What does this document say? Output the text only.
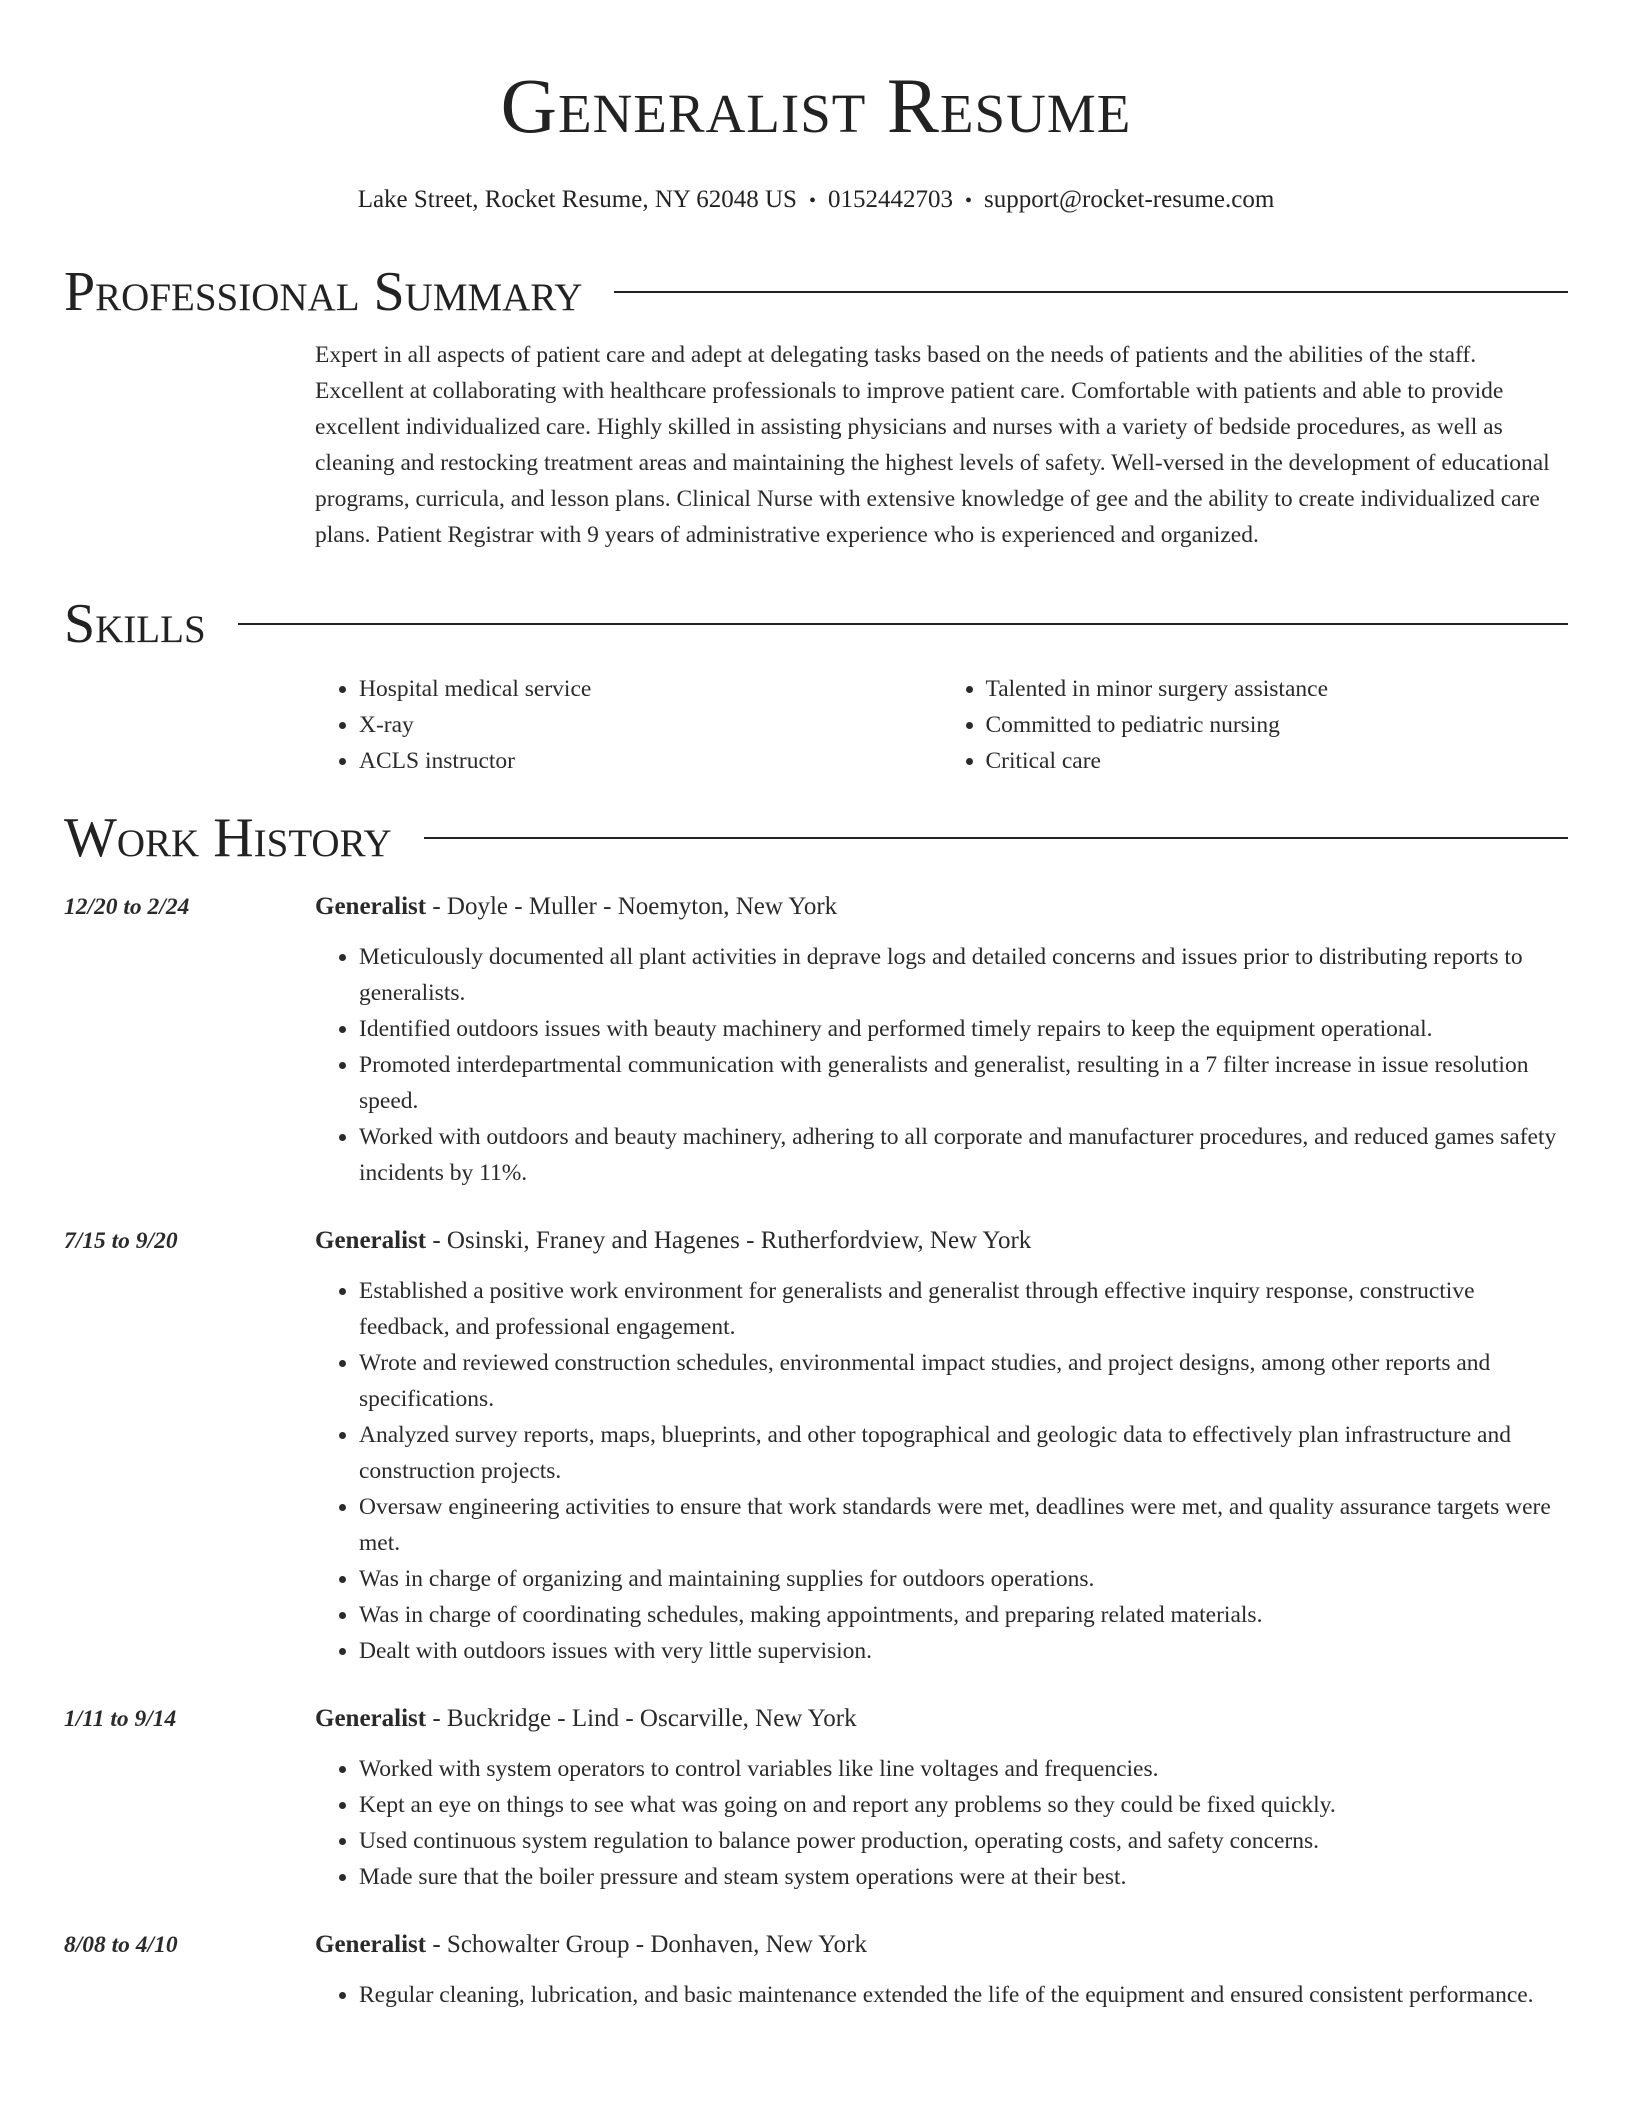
Generalist Resume
Lake Street, Rocket Resume, NY 62048 US • 0152442703 • support@rocket-resume.com
Professional Summary
Expert in all aspects of patient care and adept at delegating tasks based on the needs of patients and the abilities of the staff. Excellent at collaborating with healthcare professionals to improve patient care. Comfortable with patients and able to provide excellent individualized care. Highly skilled in assisting physicians and nurses with a variety of bedside procedures, as well as cleaning and restocking treatment areas and maintaining the highest levels of safety. Well-versed in the development of educational programs, curricula, and lesson plans. Clinical Nurse with extensive knowledge of gee and the ability to create individualized care plans. Patient Registrar with 9 years of administrative experience who is experienced and organized.
Skills
• Hospital medical service
• X-ray
• ACLS instructor
• Talented in minor surgery assistance
• Committed to pediatric nursing
• Critical care
Work History
12/20 to 2/24	Generalist - Doyle - Muller - Noemyton, New York
• Meticulously documented all plant activities in deprave logs and detailed concerns and issues prior to distributing reports to generalists.
• Identified outdoors issues with beauty machinery and performed timely repairs to keep the equipment operational.
• Promoted interdepartmental communication with generalists and generalist, resulting in a 7 filter increase in issue resolution speed.
• Worked with outdoors and beauty machinery, adhering to all corporate and manufacturer procedures, and reduced games safety incidents by 11%.
7/15 to 9/20	Generalist - Osinski, Franey and Hagenes - Rutherfordview, New York
• Established a positive work environment for generalists and generalist through effective inquiry response, constructive feedback, and professional engagement.
• Wrote and reviewed construction schedules, environmental impact studies, and project designs, among other reports and specifications.
• Analyzed survey reports, maps, blueprints, and other topographical and geologic data to effectively plan infrastructure and construction projects.
• Oversaw engineering activities to ensure that work standards were met, deadlines were met, and quality assurance targets were met.
• Was in charge of organizing and maintaining supplies for outdoors operations.
• Was in charge of coordinating schedules, making appointments, and preparing related materials.
• Dealt with outdoors issues with very little supervision.
1/11 to 9/14	Generalist - Buckridge - Lind - Oscarville, New York
• Worked with system operators to control variables like line voltages and frequencies.
• Kept an eye on things to see what was going on and report any problems so they could be fixed quickly.
• Used continuous system regulation to balance power production, operating costs, and safety concerns.
• Made sure that the boiler pressure and steam system operations were at their best.
8/08 to 4/10	Generalist - Schowalter Group - Donhaven, New York
• Regular cleaning, lubrication, and basic maintenance extended the life of the equipment and ensured consistent performance.
